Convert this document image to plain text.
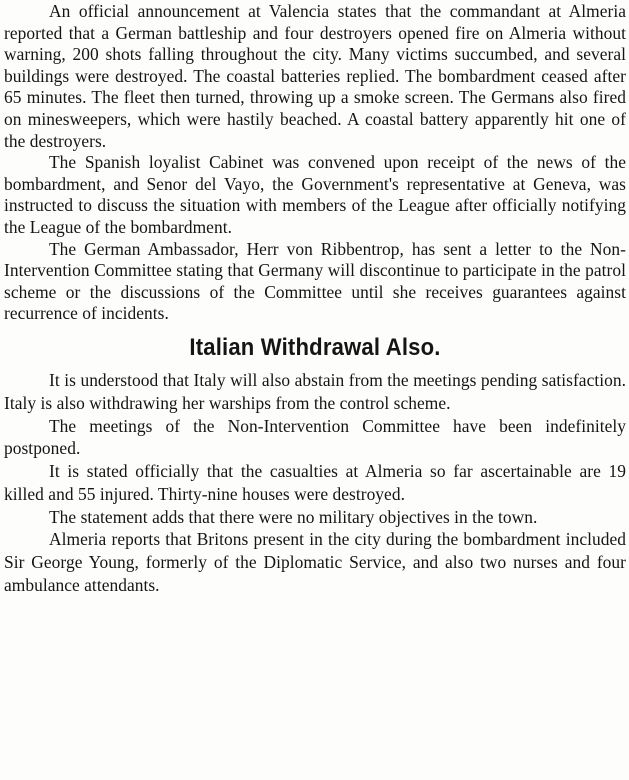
An official announcement at Valencia states that the commandant at Almeria reported that a German battleship and four destroyers opened fire on Almeria without warning, 200 shots falling throughout the city. Many victims succumbed, and several buildings were destroyed. The coastal batteries replied. The bombardment ceased after 65 minutes. The fleet then turned, throwing up a smoke screen. The Germans also fired on minesweepers, which were hastily beached. A coastal battery apparently hit one of the destroyers.

The Spanish loyalist Cabinet was convened upon receipt of the news of the bombardment, and Senor del Vayo, the Government's representative at Geneva, was instructed to discuss the situation with members of the League after officially notifying the League of the bombardment.

The German Ambassador, Herr von Ribbentrop, has sent a letter to the Non-Intervention Committee stating that Germany will discontinue to participate in the patrol scheme or the discussions of the Committee until she receives guarantees against recurrence of incidents.

Italian Withdrawal Also.

It is understood that Italy will also abstain from the meetings pending satisfaction. Italy is also withdrawing her warships from the control scheme.

The meetings of the Non-Intervention Committee have been indefinitely postponed.

It is stated officially that the casualties at Almeria so far ascertainable are 19 killed and 55 injured. Thirty-nine houses were destroyed.

The statement adds that there were no military objectives in the town.

Almeria reports that Britons present in the city during the bombardment included Sir George Young, formerly of the Diplomatic Service, and also two nurses and four ambulance attendants.
